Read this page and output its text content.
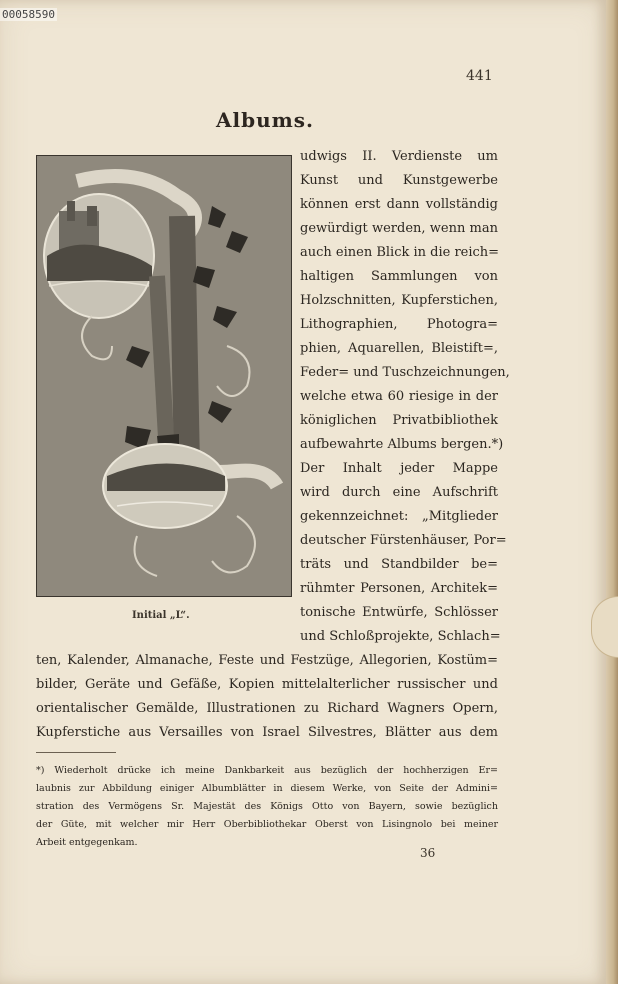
00058590
441
Albums.
Initial „L“.
udwigs II. Verdienste um
Kunst und Kunstgewerbe
können erst dann vollständig
gewürdigt werden, wenn man
auch einen Blick in die reich=
haltigen Sammlungen von
Holzschnitten, Kupferstichen,
Lithographien, Photogra=
phien, Aquarellen, Bleistift=,
Feder= und Tuschzeichnungen,
welche etwa 60 riesige in der
königlichen Privatbibliothek
aufbewahrte Albums bergen.*)
Der Inhalt jeder Mappe
wird durch eine Aufschrift
gekennzeichnet: „Mitglieder
deutscher Fürstenhäuser, Por=
träts und Standbilder be=
rühmter Personen, Architek=
tonische Entwürfe, Schlösser
und Schloßprojekte, Schlach=
ten, Kalender, Almanache, Feste und Festzüge, Allegorien, Kostüm=
bilder, Geräte und Gefäße, Kopien mittelalterlicher russischer und
orientalischer Gemälde, Illustrationen zu Richard Wagners Opern,
Kupferstiche aus Versailles von Israel Silvestres, Blätter aus dem
*) Wiederholt drücke ich meine Dankbarkeit aus bezüglich der hochherzigen Er=
laubnis zur Abbildung einiger Albumblätter in diesem Werke, von Seite der Admini=
stration des Vermögens Sr. Majestät des Königs Otto von Bayern, sowie bezüglich
der Güte, mit welcher mir Herr Oberbibliothekar Oberst von Lisingnolo bei meiner
Arbeit entgegenkam.
36
